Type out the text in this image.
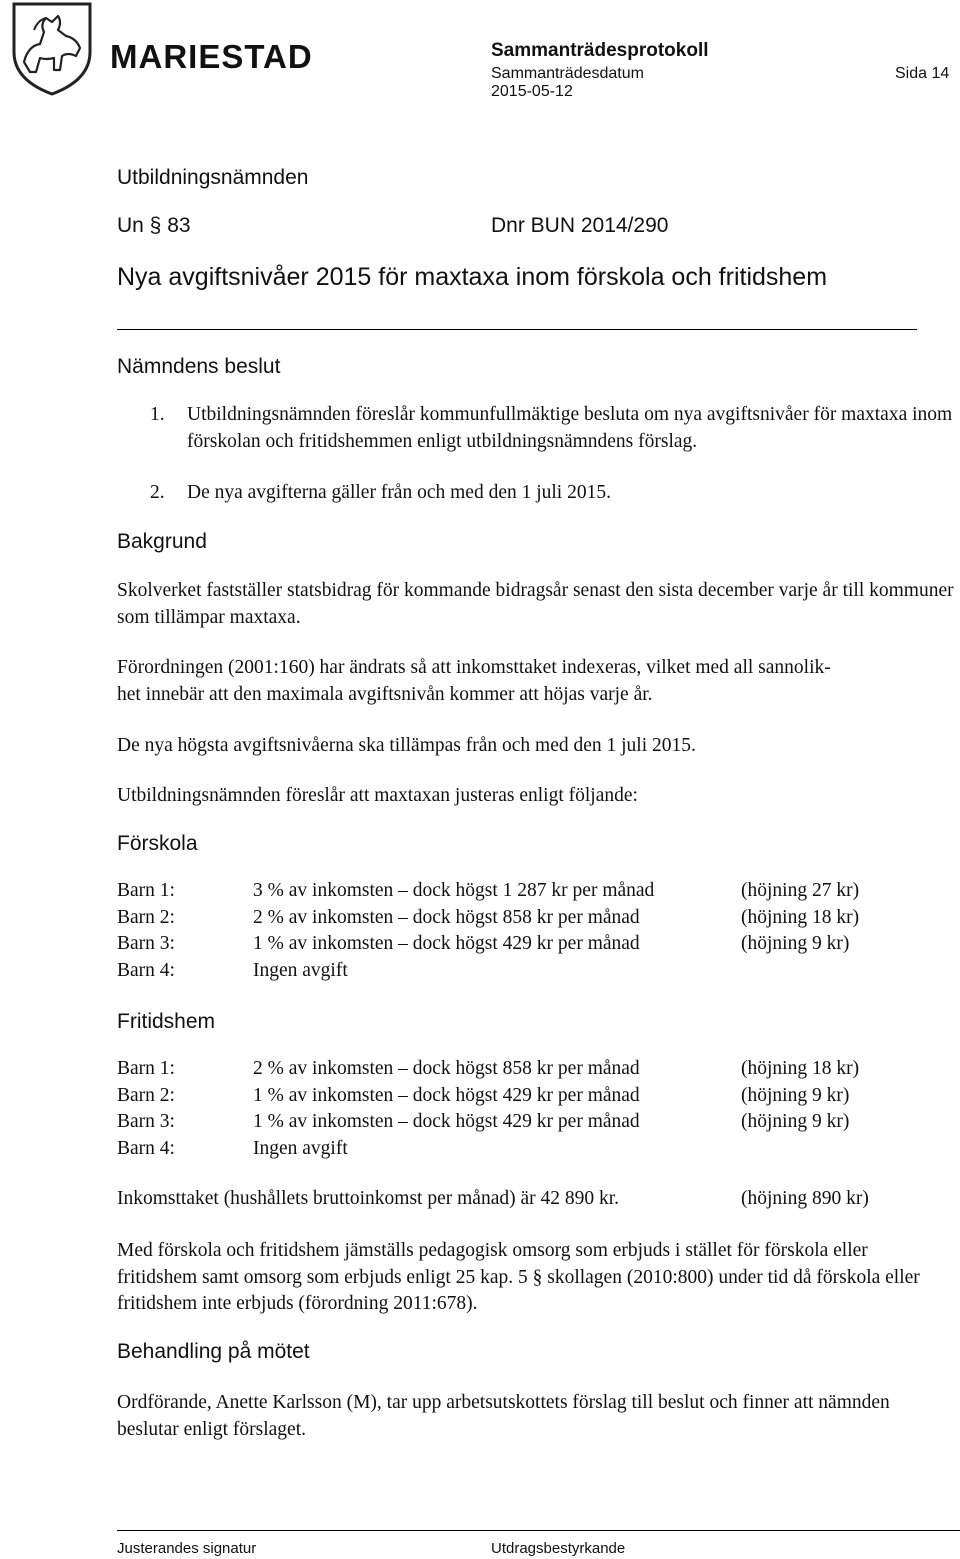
MARIESTAD	Sammanträdesprotokoll
Sammanträdesdatum
2015-05-12
Sida 14
Utbildningsnämnden
Un § 83	Dnr BUN 2014/290
Nya avgiftsnivåer 2015 för maxtaxa inom förskola och fritidshem
Nämndens beslut
1. Utbildningsnämnden föreslår kommunfullmäktige besluta om nya avgiftsnivåer för maxtaxa inom förskolan och fritidshemmen enligt utbildningsnämndens förslag.
2. De nya avgifterna gäller från och med den 1 juli 2015.
Bakgrund
Skolverket fastställer statsbidrag för kommande bidragsår senast den sista december varje år till kommuner som tillämpar maxtaxa.
Förordningen (2001:160) har ändrats så att inkomsttaket indexeras, vilket med all sannolik-
het innebär att den maximala avgiftsnivån kommer att höjas varje år.
De nya högsta avgiftsnivåerna ska tillämpas från och med den 1 juli 2015.
Utbildningsnämnden föreslår att maxtaxan justeras enligt följande:
Förskola
Barn 1:	3 % av inkomsten – dock högst 1 287 kr per månad	(höjning 27 kr)
Barn 2:	2 % av inkomsten – dock högst 858 kr per månad	(höjning 18 kr)
Barn 3:	1 % av inkomsten – dock högst 429 kr per månad	(höjning 9 kr)
Barn 4:	Ingen avgift
Fritidshem
Barn 1:	2 % av inkomsten – dock högst 858 kr per månad	(höjning 18 kr)
Barn 2:	1 % av inkomsten – dock högst 429 kr per månad	(höjning 9 kr)
Barn 3:	1 % av inkomsten – dock högst 429 kr per månad	(höjning 9 kr)
Barn 4:	Ingen avgift
Inkomsttaket (hushållets bruttoinkomst per månad) är 42 890 kr.	(höjning 890 kr)
Med förskola och fritidshem jämställs pedagogisk omsorg som erbjuds i stället för förskola eller fritidshem samt omsorg som erbjuds enligt 25 kap. 5 § skollagen (2010:800) under tid då förskola eller fritidshem inte erbjuds (förordning 2011:678).
Behandling på mötet
Ordförande, Anette Karlsson (M), tar upp arbetsutskottets förslag till beslut och finner att nämnden beslutar enligt förslaget.
Justerandes signatur	Utdragsbestyrkande
